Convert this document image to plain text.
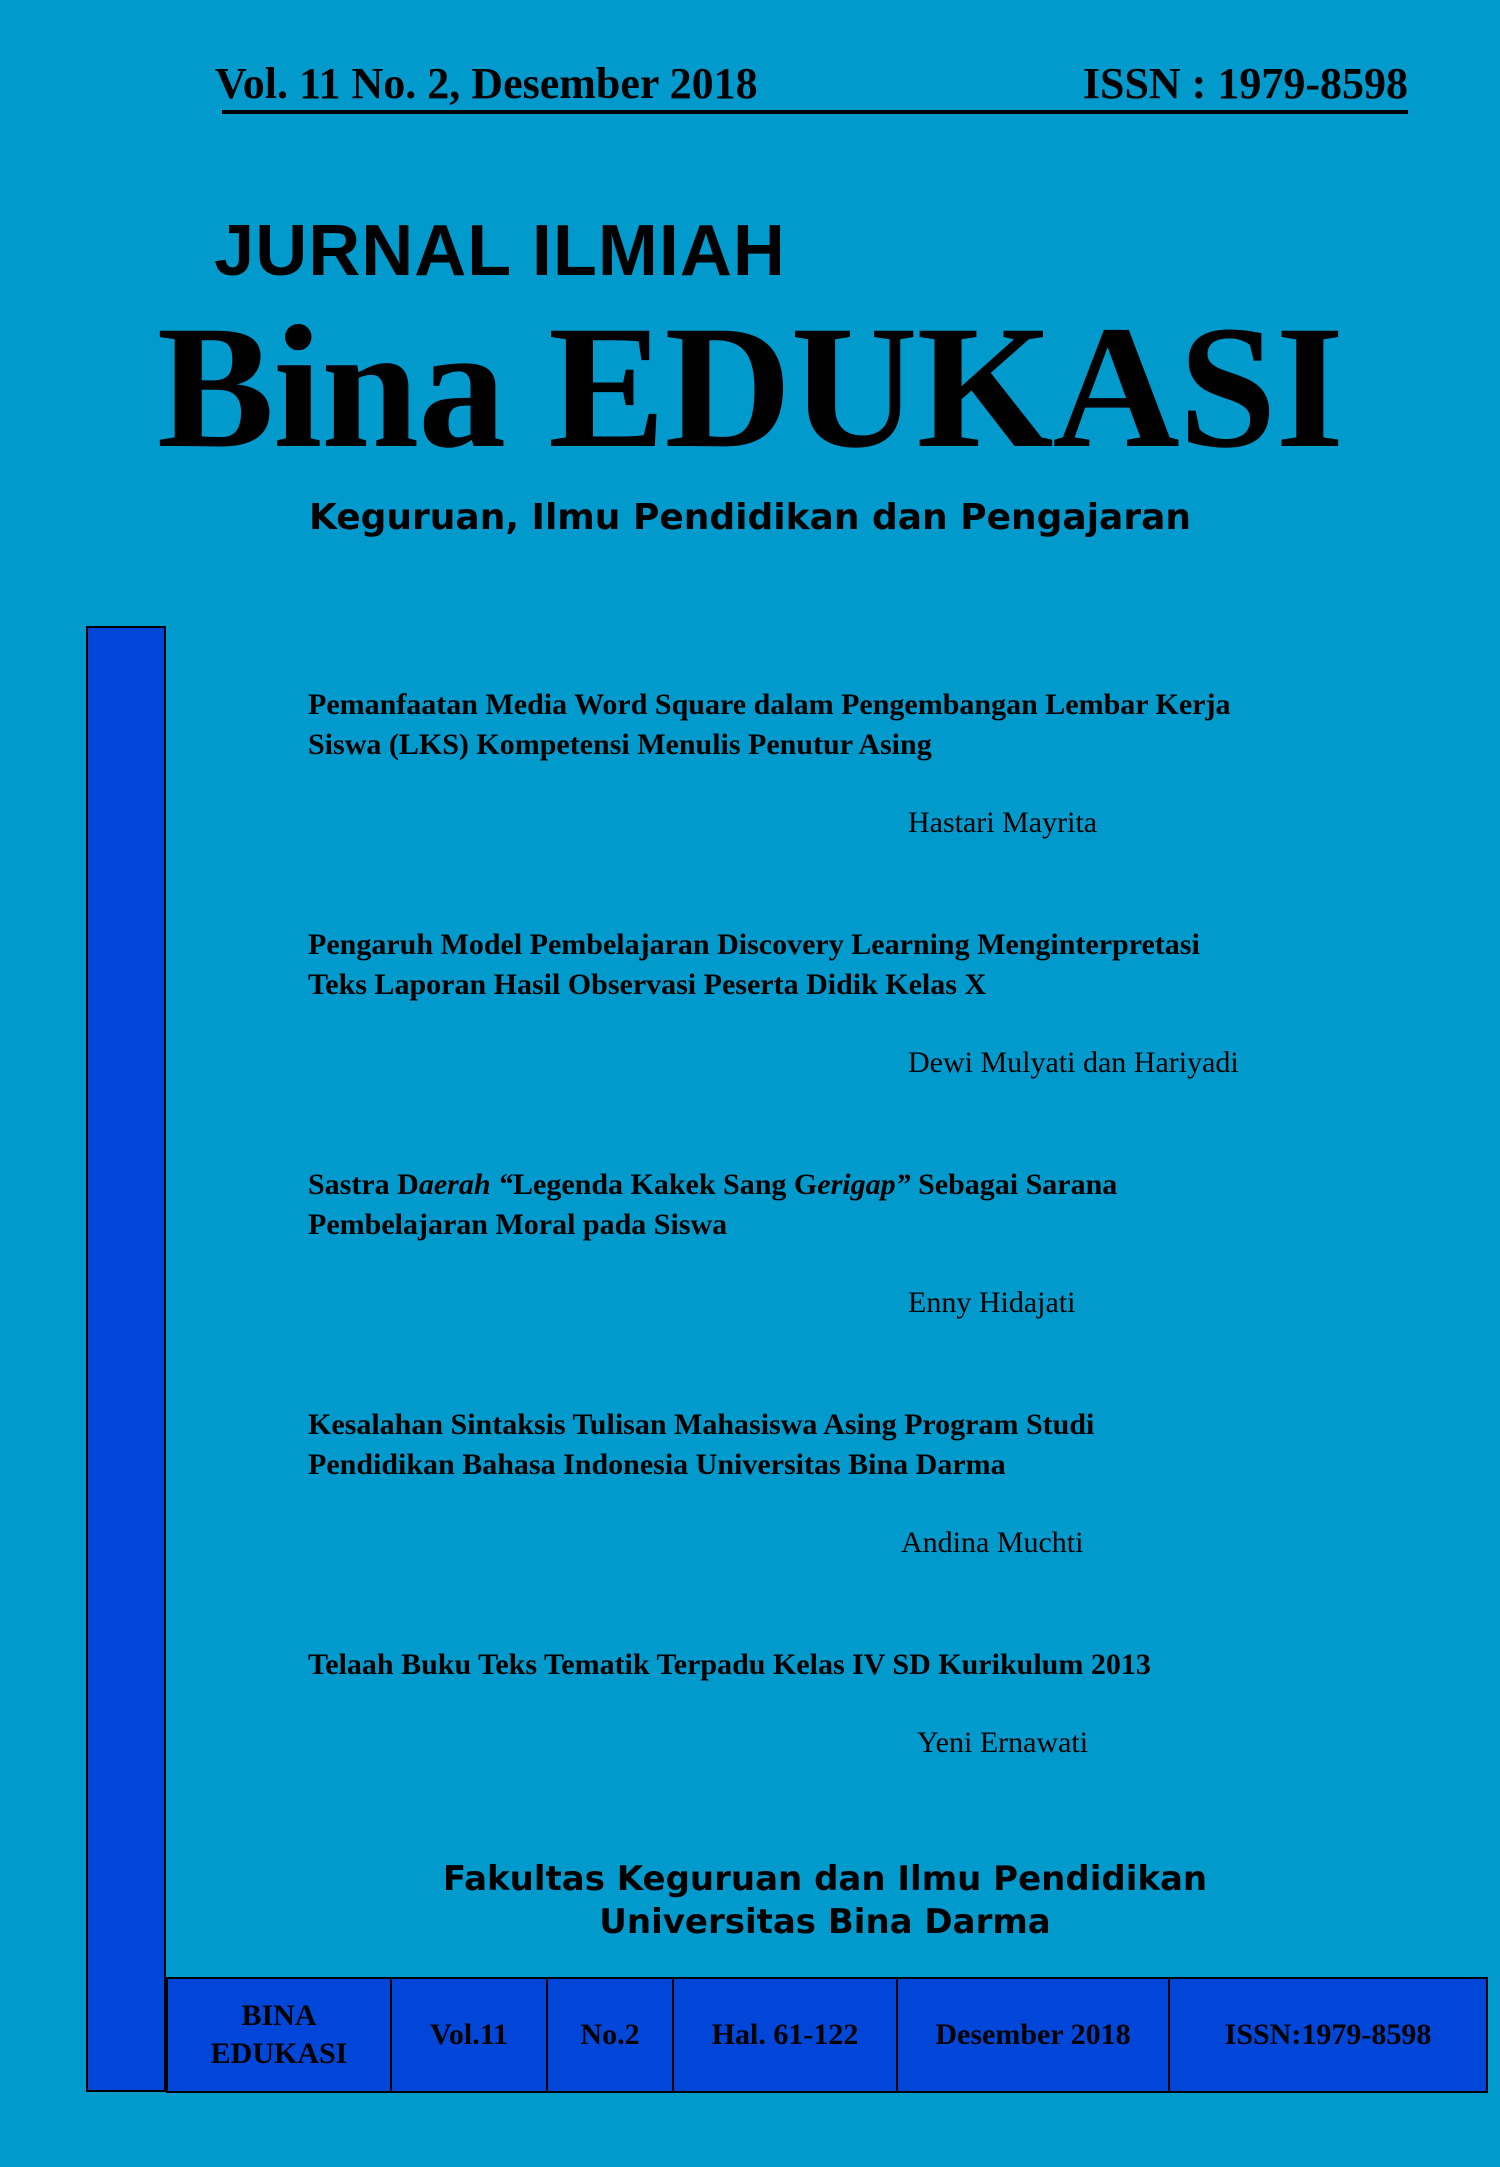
Vol. 11 No. 2, Desember 2018	ISSN : 1979-8598
JURNAL ILMIAH
Bina EDUKASI
Keguruan, Ilmu Pendidikan dan Pengajaran
Pemanfaatan Media Word Square dalam Pengembangan Lembar Kerja
Siswa (LKS) Kompetensi Menulis Penutur Asing
Hastari Mayrita
Pengaruh Model Pembelajaran Discovery Learning Menginterpretasi
Teks Laporan Hasil Observasi Peserta Didik Kelas X
Dewi Mulyati dan Hariyadi
Sastra Daerah “Legenda Kakek Sang Gerigap” Sebagai Sarana
Pembelajaran Moral pada Siswa
Enny Hidajati
Kesalahan Sintaksis Tulisan Mahasiswa Asing Program Studi
Pendidikan Bahasa Indonesia Universitas Bina Darma
Andina Muchti
Telaah Buku Teks Tematik Terpadu Kelas IV SD Kurikulum 2013
Yeni Ernawati
Fakultas Keguruan dan Ilmu Pendidikan
Universitas Bina Darma
BINA
EDUKASI
Vol.11	No.2	Hal. 61-122	Desember 2018	ISSN:1979-8598
